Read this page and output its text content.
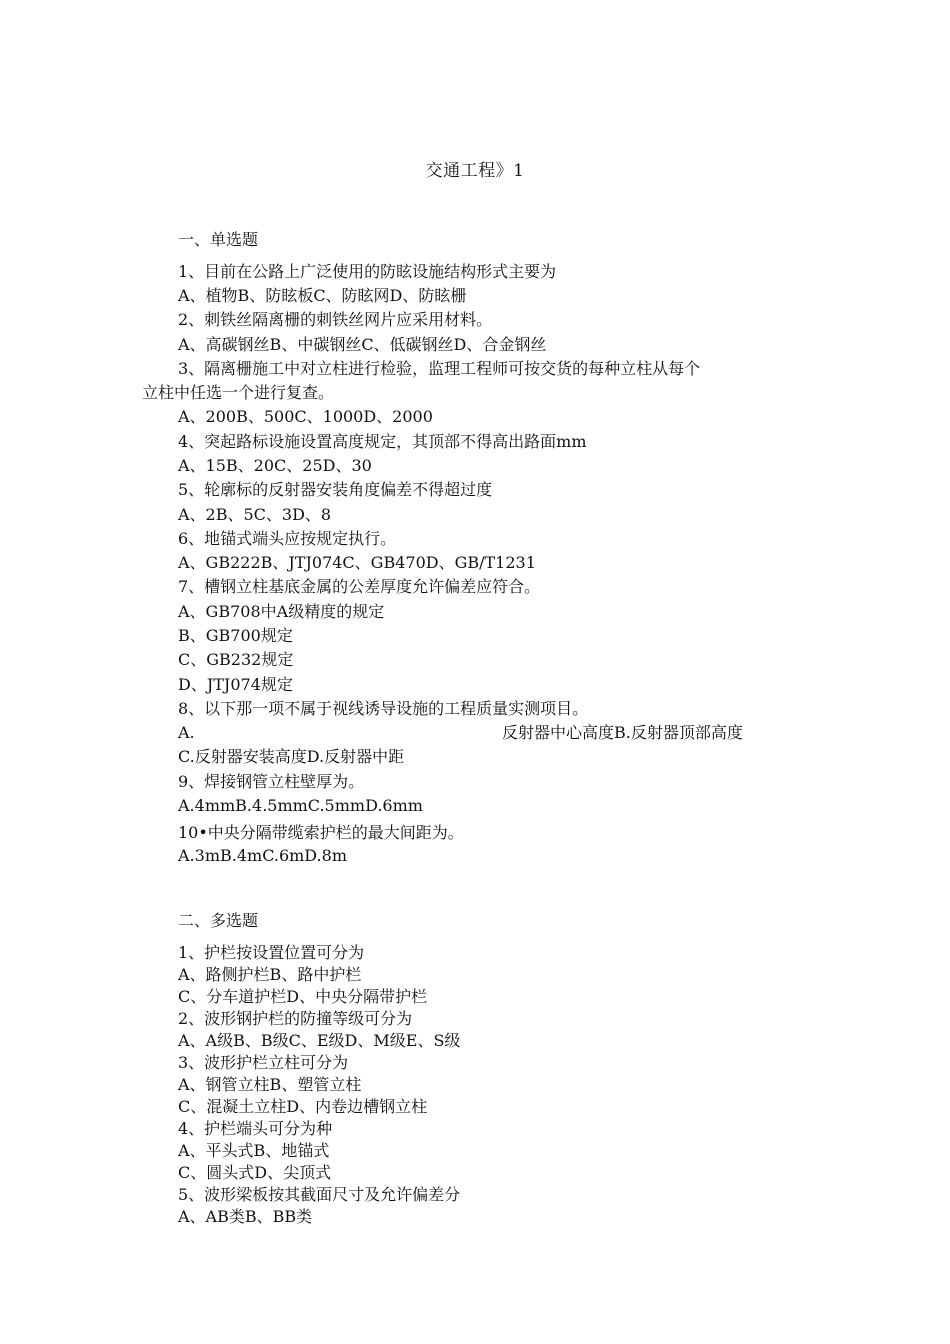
交通工程》1
一、单选题
1、目前在公路上广泛使用的防眩设施结构形式主要为
A、植物B、防眩板C、防眩网D、防眩栅
2、刺铁丝隔离栅的刺铁丝网片应采用材料。
A、高碳钢丝B、中碳钢丝C、低碳钢丝D、合金钢丝
3、隔离栅施工中对立柱进行检验，监理工程师可按交货的每种立柱从每个
立柱中任选一个进行复查。
A、200B、500C、1000D、2000
4、突起路标设施设置高度规定，其顶部不得高出路面mm
A、15B、20C、25D、30
5、轮廓标的反射器安装角度偏差不得超过度
A、2B、5C、3D、8
6、地锚式端头应按规定执行。
A、GB222B、JTJ074C、GB470D、GB/T1231
7、槽钢立柱基底金属的公差厚度允许偏差应符合。
A、GB708中A级精度的规定
B、GB700规定
C、GB232规定
D、JTJ074规定
8、以下那一项不属于视线诱导设施的工程质量实测项目。
A.	反射器中心高度B.反射器顶部高度
C.反射器安装高度D.反射器中距
9、焊接钢管立柱壁厚为。
A.4mmB.4.5mmC.5mmD.6mm
10•中央分隔带缆索护栏的最大间距为。
A.3mB.4mC.6mD.8m
二、多选题
1、护栏按设置位置可分为
A、路侧护栏B、路中护栏
C、分车道护栏D、中央分隔带护栏
2、波形钢护栏的防撞等级可分为
A、A级B、B级C、E级D、M级E、S级
3、波形护栏立柱可分为
A、钢管立柱B、塑管立柱
C、混凝土立柱D、内卷边槽钢立柱
4、护栏端头可分为种
A、平头式B、地锚式
C、圆头式D、尖顶式
5、波形梁板按其截面尺寸及允许偏差分
A、AB类B、BB类
